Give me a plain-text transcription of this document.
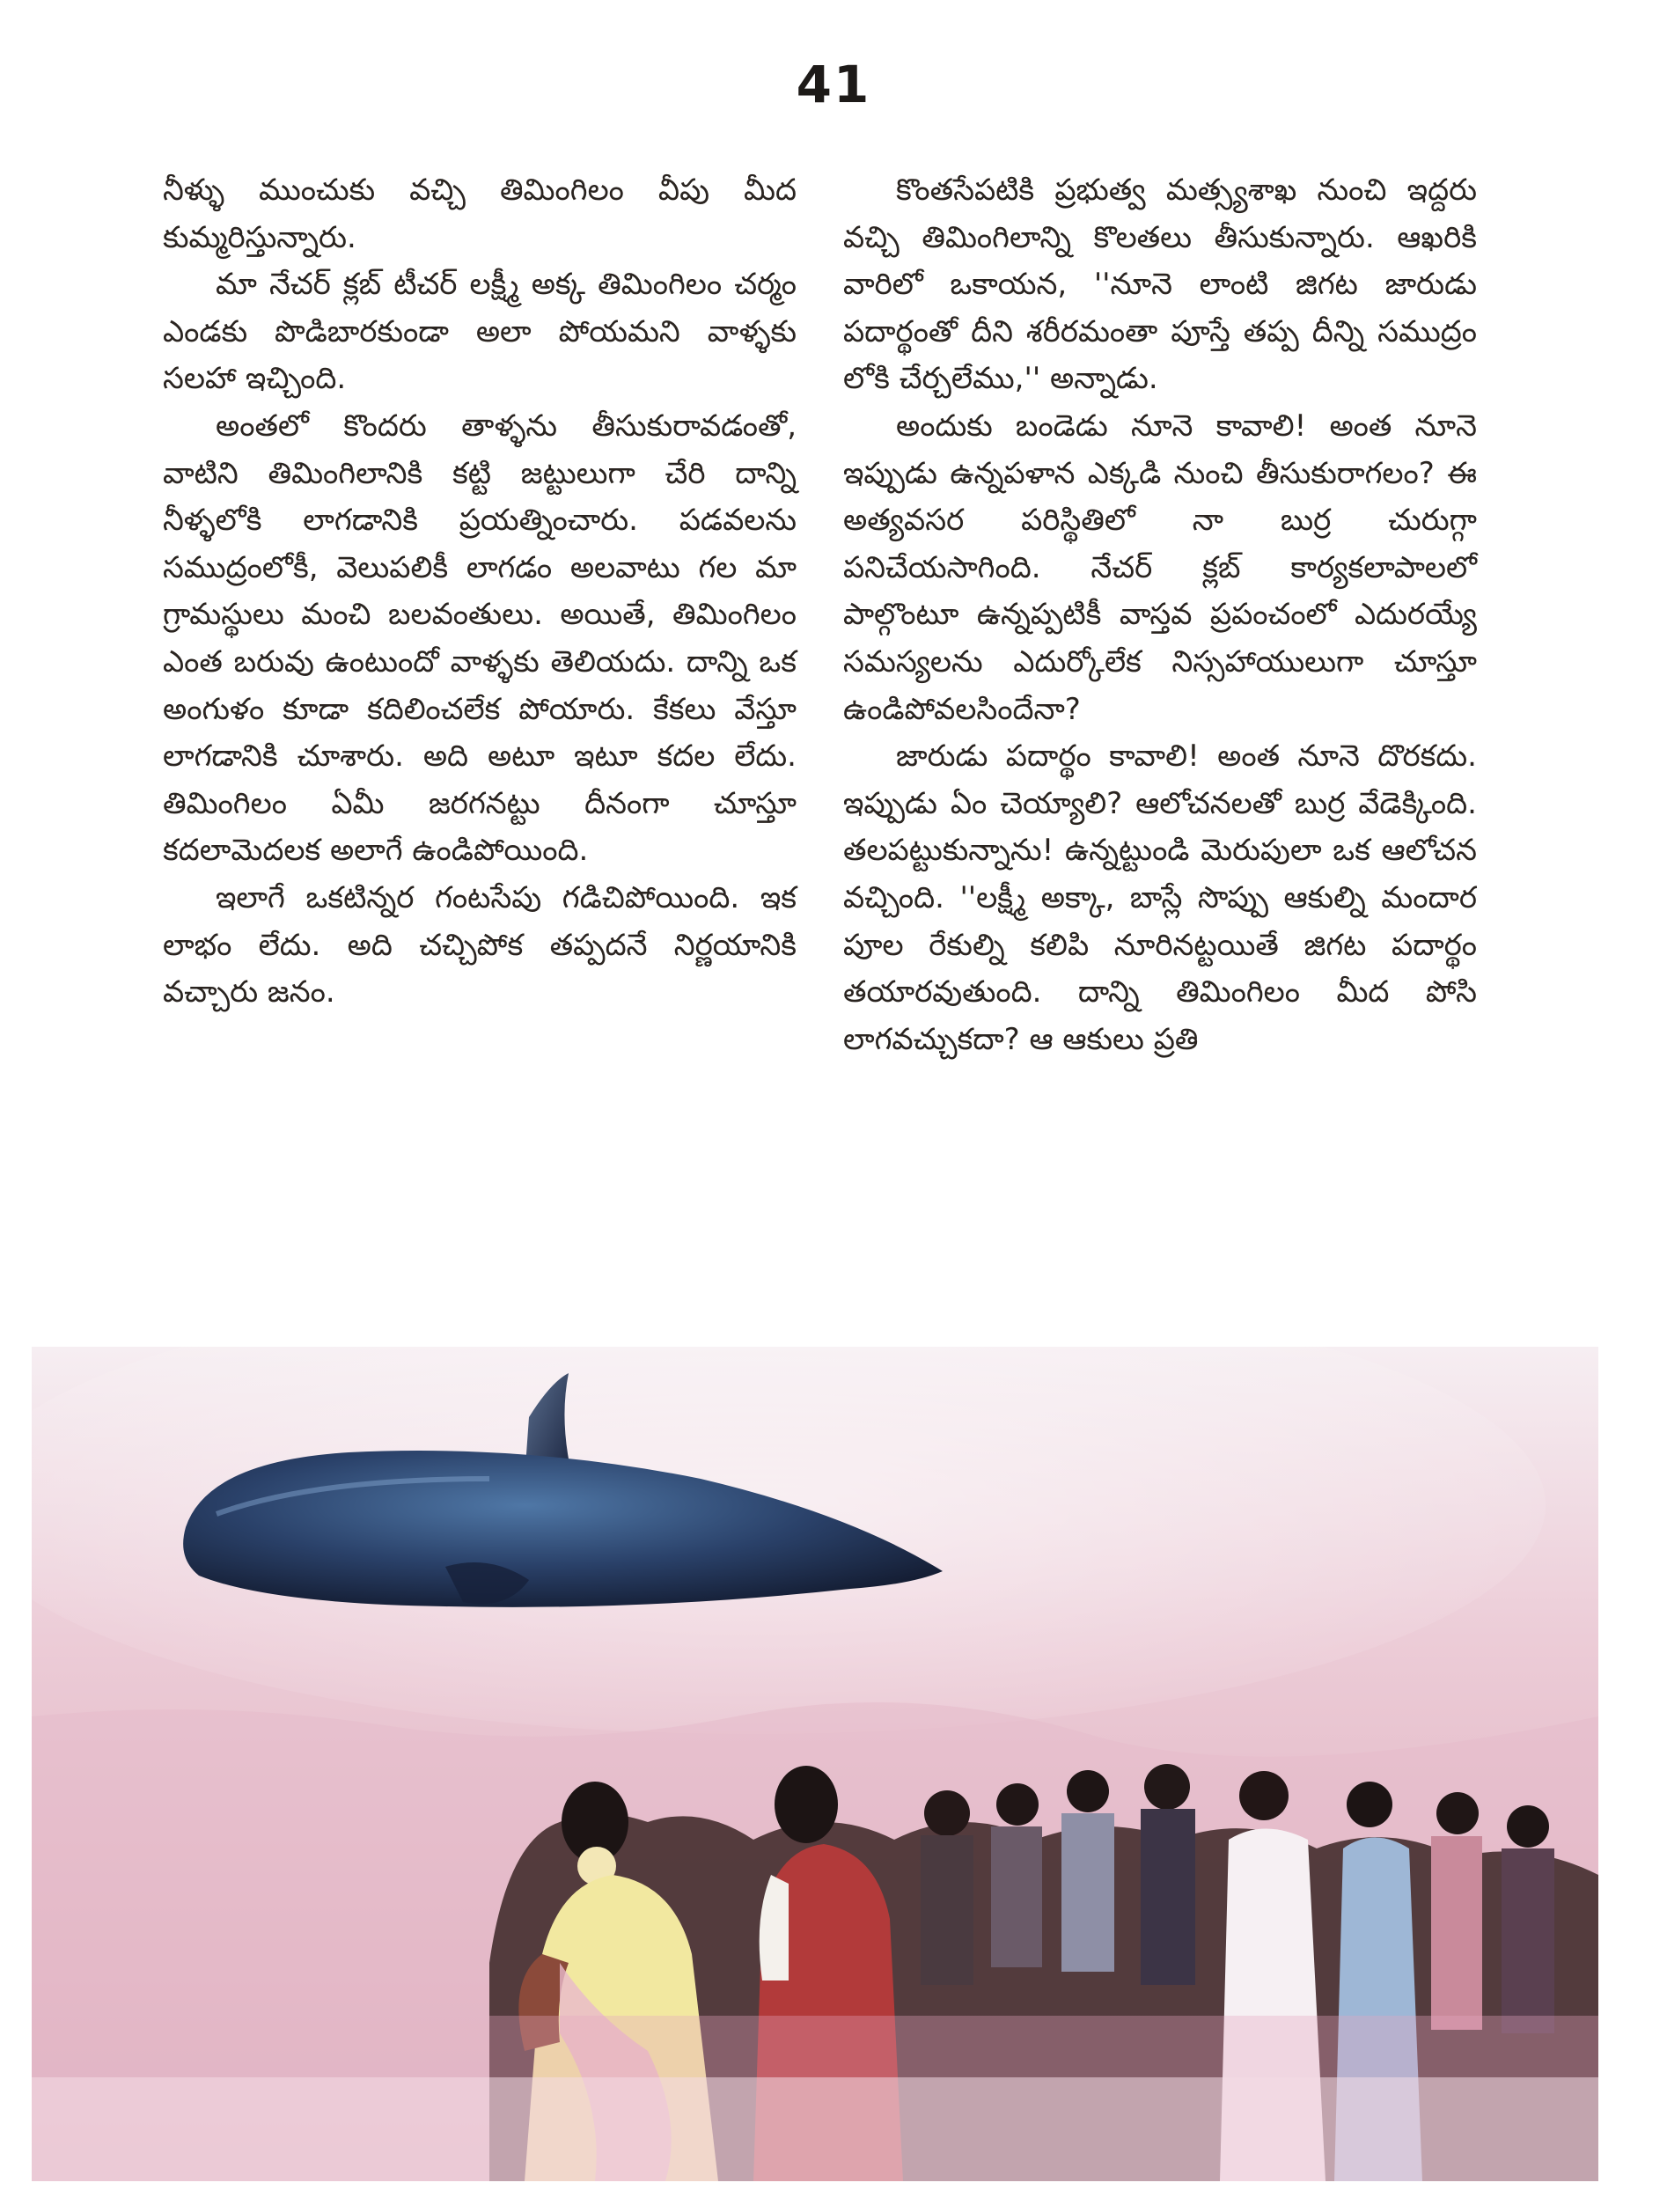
41

నీళ్ళు ముంచుకు వచ్చి తిమింగిలం వీపు మీద కుమ్మరిస్తున్నారు.

మా నేచర్ క్లబ్ టీచర్ లక్ష్మీ అక్క తిమింగిలం చర్మం ఎండకు పొడిబారకుండా అలా పోయమని వాళ్ళకు సలహా ఇచ్చింది.

అంతలో కొందరు తాళ్ళను తీసుకురావడంతో, వాటిని తిమింగిలానికి కట్టి జట్టులుగా చేరి దాన్ని నీళ్ళలోకి లాగడానికి ప్రయత్నించారు. పడవలను సముద్రంలోకీ, వెలుపలికీ లాగడం అలవాటు గల మా గ్రామస్థులు మంచి బలవంతులు. అయితే, తిమింగిలం ఎంత బరువు ఉంటుందో వాళ్ళకు తెలియదు. దాన్ని ఒక అంగుళం కూడా కదిలించలేక పోయారు. కేకలు వేస్తూ లాగడానికి చూశారు. అది అటూ ఇటూ కదల లేదు. తిమింగిలం ఏమీ జరగనట్టు దీనంగా చూస్తూ కదలామెదలక అలాగే ఉండిపోయింది.

ఇలాగే ఒకటిన్నర గంటసేపు గడిచిపోయింది. ఇక లాభం లేదు. అది చచ్చిపోక తప్పదనే నిర్ణయానికి వచ్చారు జనం.

కొంతసేపటికి ప్రభుత్వ మత్స్యశాఖ నుంచి ఇద్దరు వచ్చి తిమింగిలాన్ని కొలతలు తీసుకున్నారు. ఆఖరికి వారిలో ఒకాయన, ''నూనె లాంటి జిగట జారుడు పదార్థంతో దీని శరీరమంతా పూస్తే తప్ప దీన్ని సముద్రం లోకి చేర్చలేము,'' అన్నాడు.

అందుకు బండెడు నూనె కావాలి! అంత నూనె ఇప్పుడు ఉన్నపళాన ఎక్కడి నుంచి తీసుకురాగలం? ఈ అత్యవసర పరిస్థితిలో నా బుర్ర చురుగ్గా పనిచేయసాగింది. నేచర్ క్లబ్ కార్యకలాపాలలో పాల్గొంటూ ఉన్నప్పటికీ వాస్తవ ప్రపంచంలో ఎదురయ్యే సమస్యలను ఎదుర్కోలేక నిస్సహాయులుగా చూస్తూ ఉండిపోవలసిందేనా?

జారుడు పదార్థం కావాలి! అంత నూనె దొరకదు. ఇప్పుడు ఏం చెయ్యాలి? ఆలోచనలతో బుర్ర వేడెక్కింది. తలపట్టుకున్నాను! ఉన్నట్టుండి మెరుపులా ఒక ఆలోచన వచ్చింది. ''లక్ష్మీ అక్కా, బాస్లే సొప్పు ఆకుల్ని మందార పూల రేకుల్ని కలిపి నూరినట్టయితే జిగట పదార్థం తయారవుతుంది. దాన్ని తిమింగిలం మీద పోసి లాగవచ్చుకదా? ఆ ఆకులు ప్రతి
